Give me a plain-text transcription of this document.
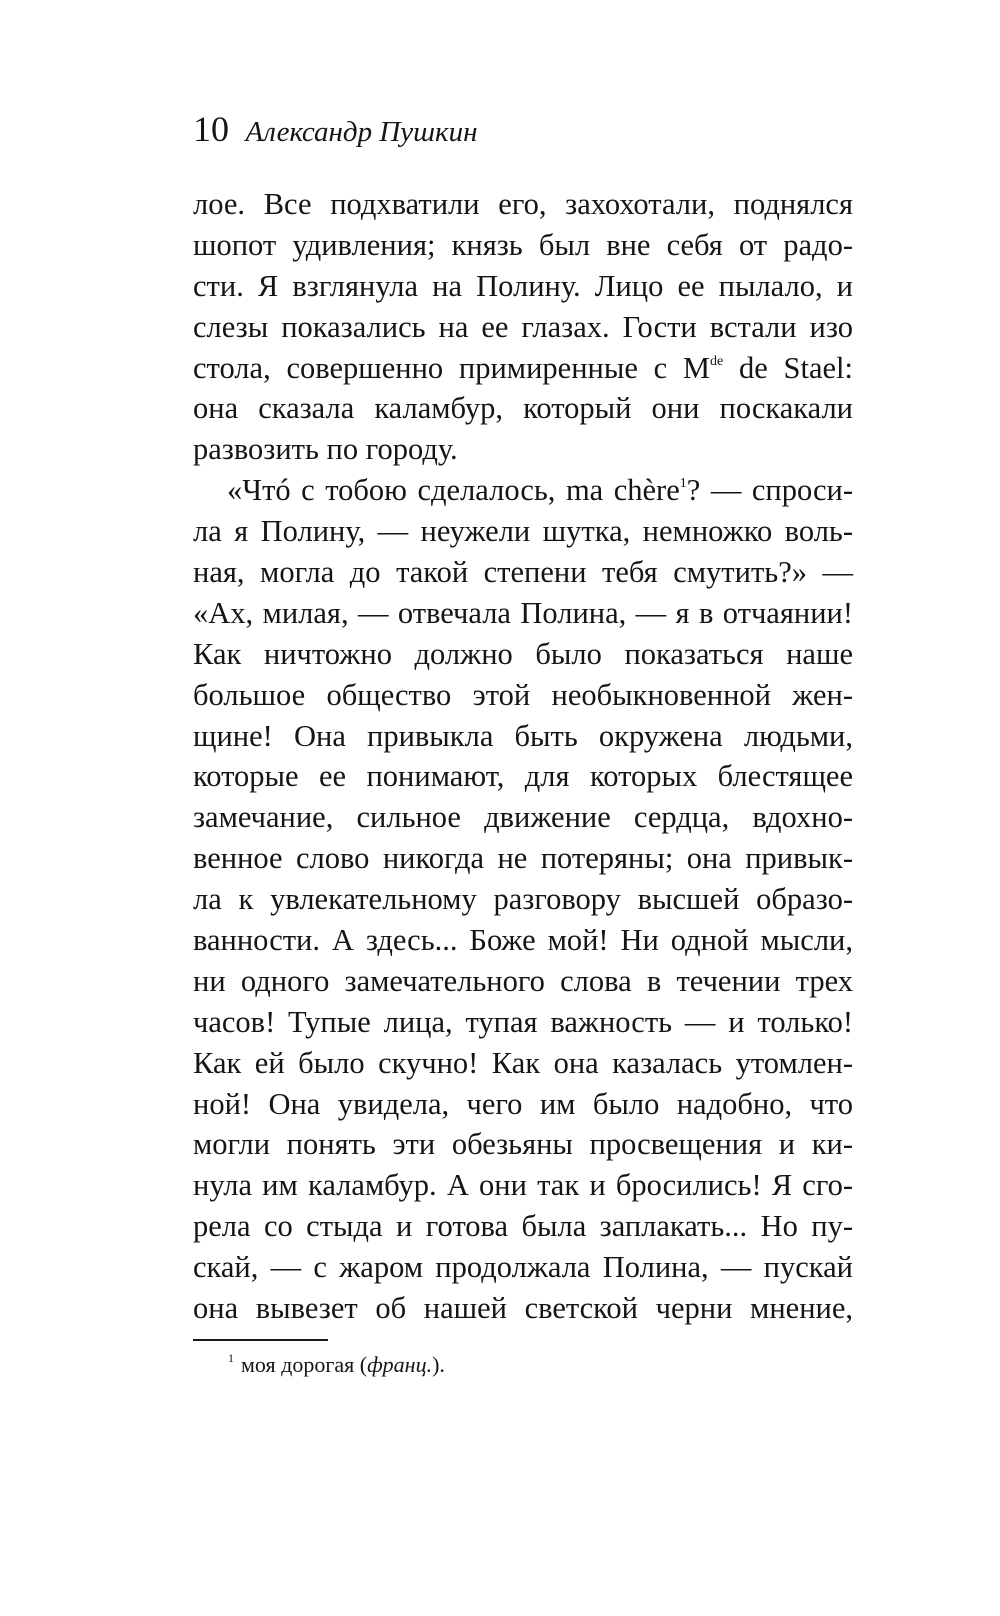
10 Александр Пушкин
лое. Все подхватили его, захохотали, поднялся
шопот удивления; князь был вне себя от радо-
сти. Я взглянула на Полину. Лицо ее пылало, и
слезы показались на ее глазах. Гости встали изо
стола, совершенно примиренные с Mde de Stael:
она сказала каламбур, который они поскакали
развозить по городу.
«Чтó с тобою сделалось, ma chère$^1$? — спроси-
ла я Полину, — неужели шутка, немножко воль-
ная, могла до такой степени тебя смутить?» —
«Ах, милая, — отвечала Полина, — я в отчаянии!
Как ничтожно должно было показаться наше
большое общество этой необыкновенной жен-
щине! Она привыкла быть окружена людьми,
которые ее понимают, для которых блестящее
замечание, сильное движение сердца, вдохно-
венное слово никогда не потеряны; она привык-
ла к увлекательному разговору высшей образо-
ванности. А здесь... Боже мой! Ни одной мысли,
ни одного замечательного слова в течении трех
часов! Тупые лица, тупая важность — и только!
Как ей было скучно! Как она казалась утомлен-
ной! Она увидела, чего им было надобно, что
могли понять эти обезьяны просвещения и ки-
нула им каламбур. А они так и бросились! Я сго-
рела со стыда и готова была заплакать... Но пу-
скай, — с жаром продолжала Полина, — пускай
она вывезет об нашей светской черни мнение,
$^1$ моя дорогая (франц.).
